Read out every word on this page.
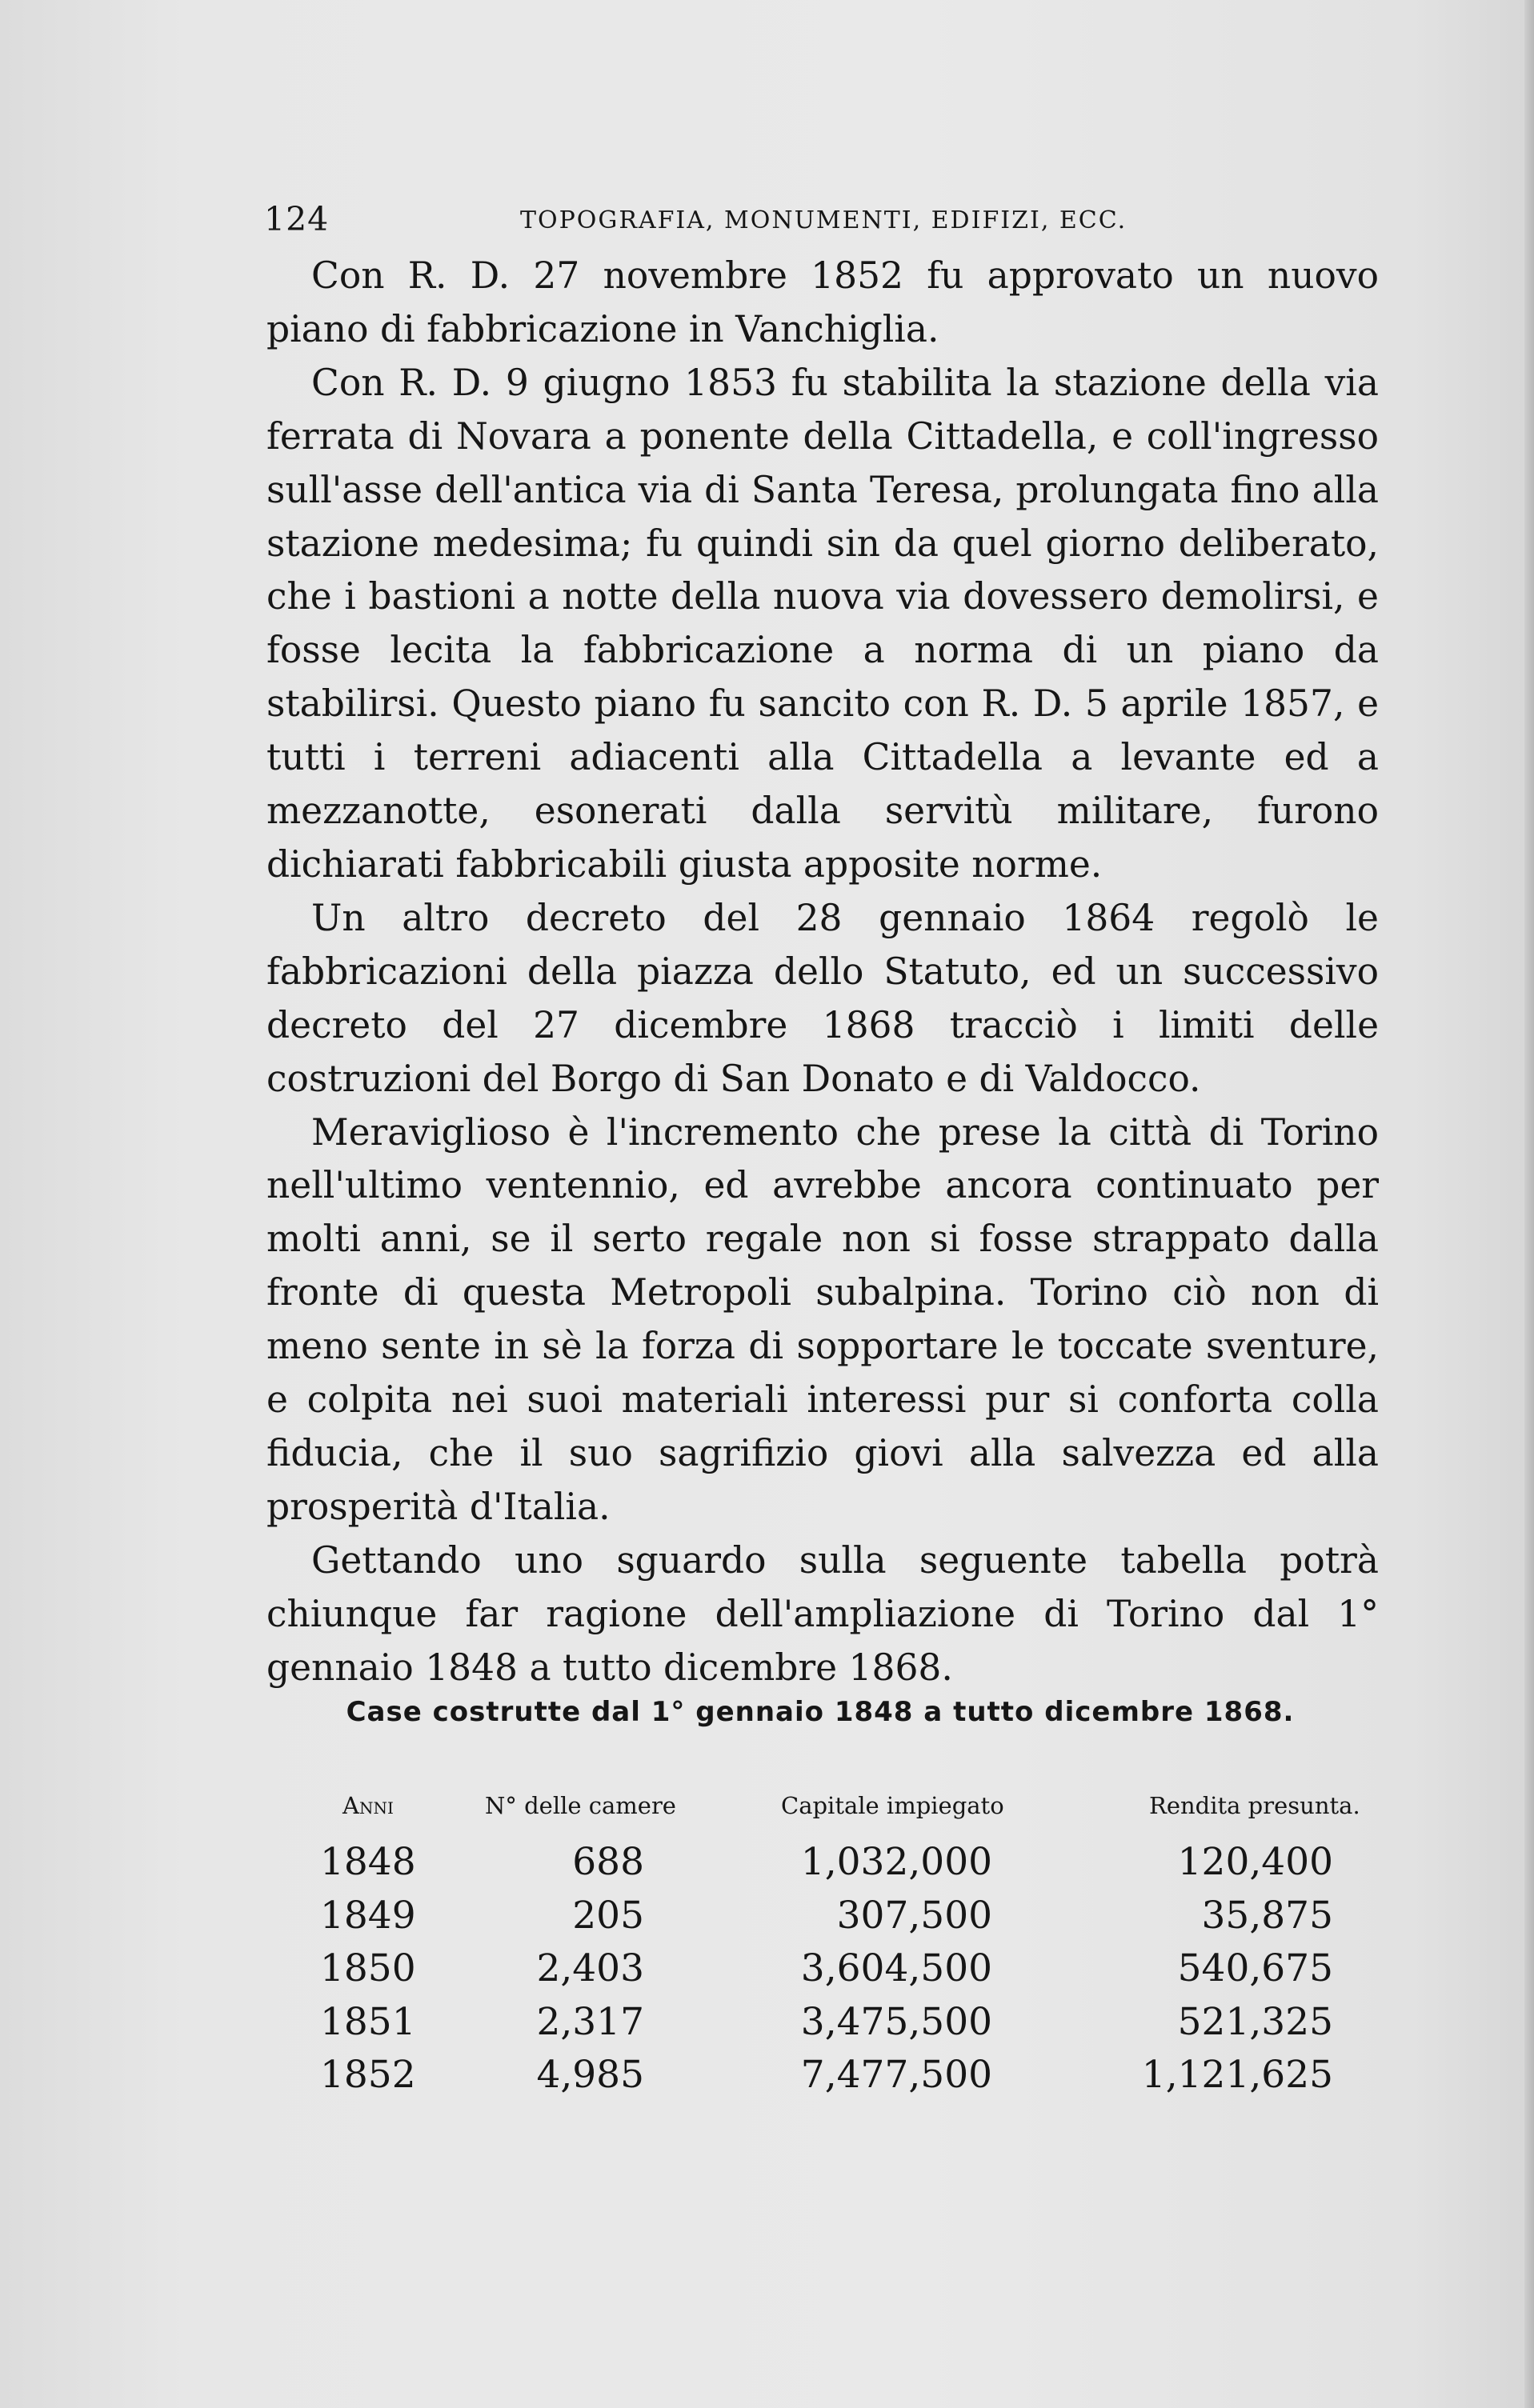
124	TOPOGRAFIA, MONUMENTI, EDIFIZI, ECC.

Con R. D. 27 novembre 1852 fu approvato un nuovo piano di fabbricazione in Vanchiglia.

Con R. D. 9 giugno 1853 fu stabilita la stazione della via ferrata di Novara a ponente della Cittadella, e coll'ingresso sull'asse dell'antica via di Santa Teresa, prolungata fino alla stazione medesima; fu quindi sin da quel giorno deliberato, che i bastioni a notte della nuova via dovessero demolirsi, e fosse lecita la fabbricazione a norma di un piano da stabilirsi. Questo piano fu sancito con R. D. 5 aprile 1857, e tutti i terreni adiacenti alla Cittadella a levante ed a mezzanotte, esonerati dalla servitù militare, furono dichiarati fabbricabili giusta apposite norme.

Un altro decreto del 28 gennaio 1864 regolò le fabbricazioni della piazza dello Statuto, ed un successivo decreto del 27 dicembre 1868 tracciò i limiti delle costruzioni del Borgo di San Donato e di Valdocco.

Meraviglioso è l'incremento che prese la città di Torino nell'ultimo ventennio, ed avrebbe ancora continuato per molti anni, se il serto regale non si fosse strappato dalla fronte di questa Metropoli subalpina. Torino ciò non di meno sente in sè la forza di sopportare le toccate sventure, e colpita nei suoi materiali interessi pur si conforta colla fiducia, che il suo sagrifizio giovi alla salvezza ed alla prosperità d'Italia.

Gettando uno sguardo sulla seguente tabella potrà chiunque far ragione dell'ampliazione di Torino dal 1° gennaio 1848 a tutto dicembre 1868.

Case costrutte dal 1° gennaio 1848 a tutto dicembre 1868.
Anni	N° delle camere	Capitale impiegato	Rendita presunta.
1848	688	1,032,000	120,400
1849	205	307,500	35,875
1850	2,403	3,604,500	540,675
1851	2,317	3,475,500	521,325
1852	4,985	7,477,500	1,121,625
